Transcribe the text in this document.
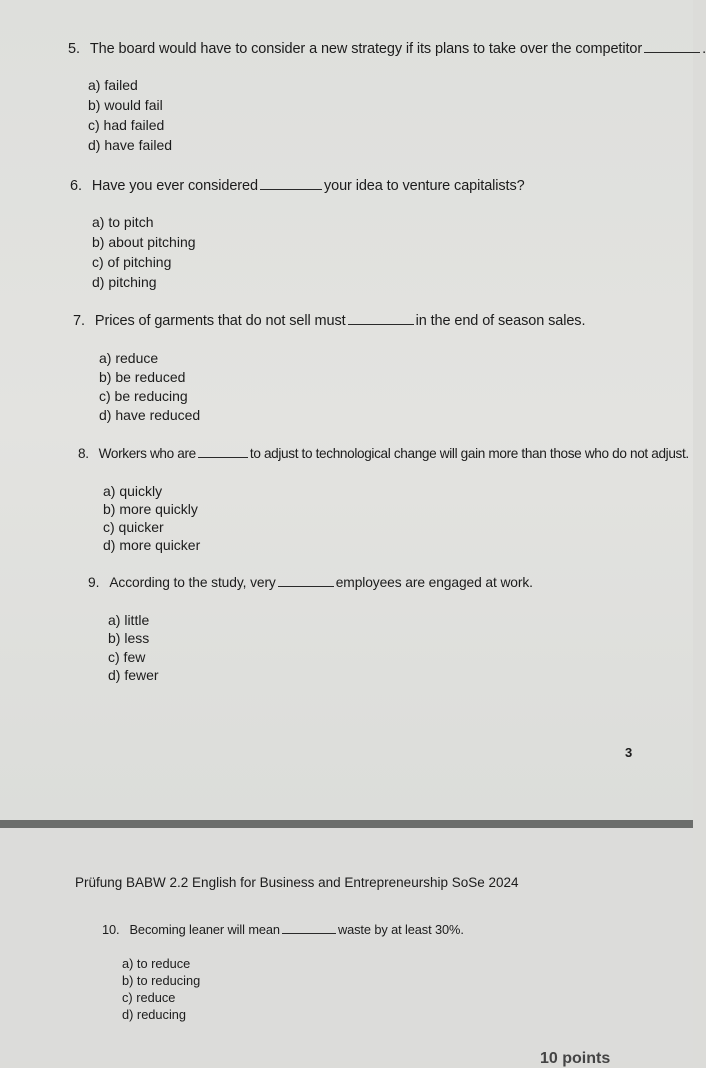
5. The board would have to consider a new strategy if its plans to take over the competitor	.
a) failed
b) would fail
c) had failed
d) have failed
6. Have you ever considered	your idea to venture capitalists?
a) to pitch
b) about pitching
c) of pitching
d) pitching
7. Prices of garments that do not sell must	in the end of season sales.
a) reduce
b) be reduced
c) be reducing
d) have reduced
8. Workers who are	to adjust to technological change will gain more than those who do not adjust.
a) quickly
b) more quickly
c) quicker
d) more quicker
9. According to the study, very	employees are engaged at work.
a) little
b) less
c) few
d) fewer
3
Prüfung BABW 2.2 English for Business and Entrepreneurship SoSe 2024
10. Becoming leaner will mean	waste by at least 30%.
a) to reduce
b) to reducing
c) reduce
d) reducing
10 points
